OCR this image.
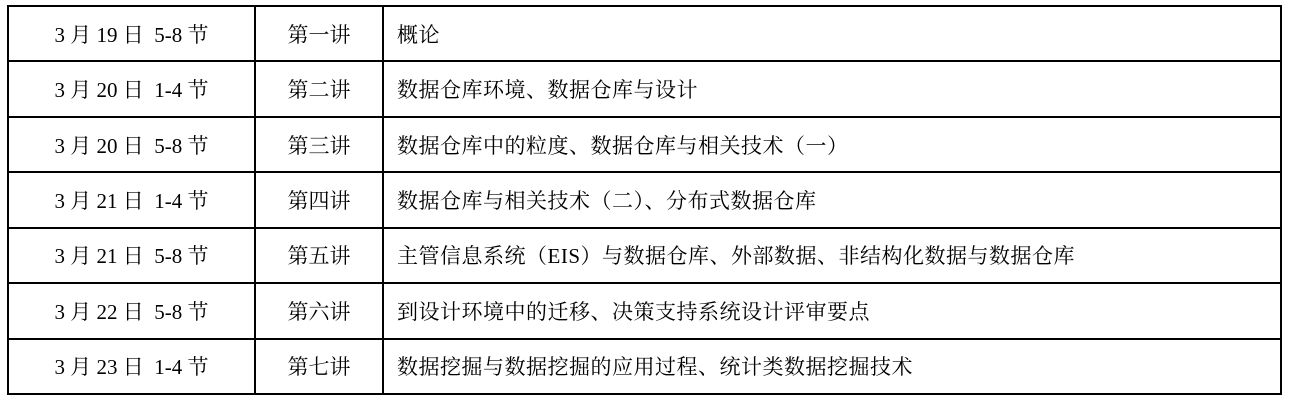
3 月 19 日  5-8 节	第一讲	概论
3 月 20 日  1-4 节	第二讲	数据仓库环境、数据仓库与设计
3 月 20 日  5-8 节	第三讲	数据仓库中的粒度、数据仓库与相关技术（一）
3 月 21 日  1-4 节	第四讲	数据仓库与相关技术（二）、分布式数据仓库
3 月 21 日  5-8 节	第五讲	主管信息系统（EIS）与数据仓库、外部数据、非结构化数据与数据仓库
3 月 22 日  5-8 节	第六讲	到设计环境中的迁移、决策支持系统设计评审要点
3 月 23 日  1-4 节	第七讲	数据挖掘与数据挖掘的应用过程、统计类数据挖掘技术
